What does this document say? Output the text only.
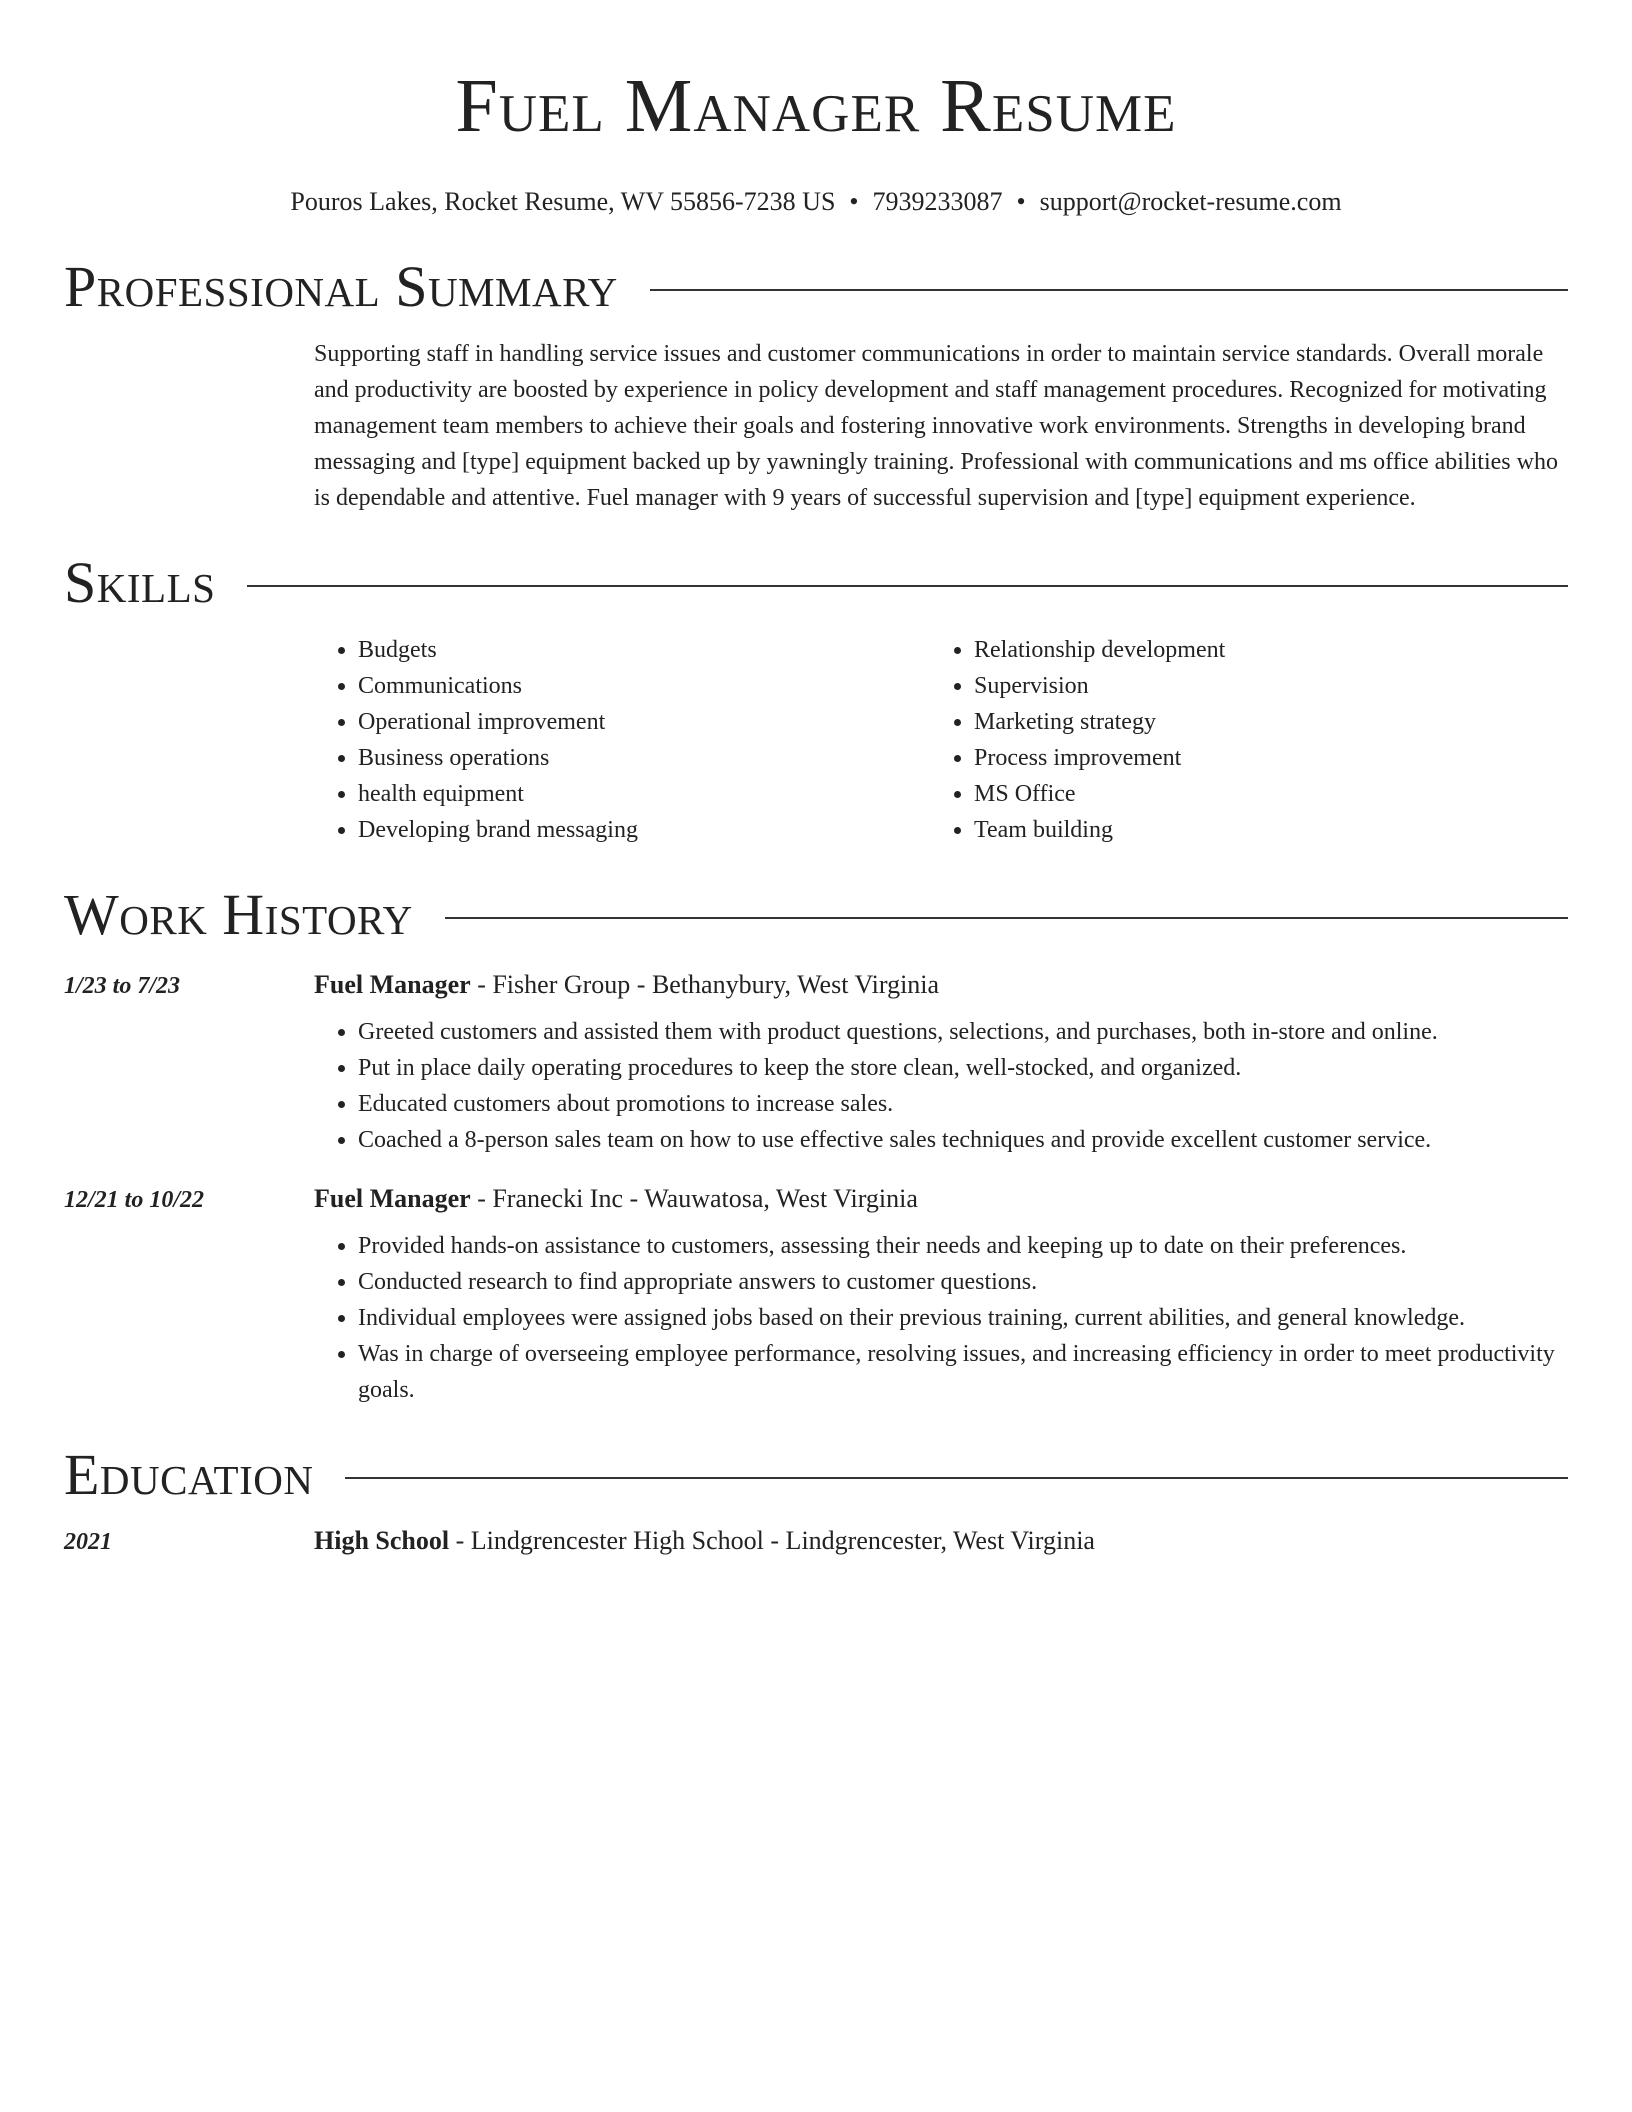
Fuel Manager Resume
Pouros Lakes, Rocket Resume, WV 55856-7238 US • 7939233087 • support@rocket-resume.com
Professional Summary
Supporting staff in handling service issues and customer communications in order to maintain service standards. Overall morale and productivity are boosted by experience in policy development and staff management procedures. Recognized for motivating management team members to achieve their goals and fostering innovative work environments. Strengths in developing brand messaging and [type] equipment backed up by yawningly training. Professional with communications and ms office abilities who is dependable and attentive. Fuel manager with 9 years of successful supervision and [type] equipment experience.
Skills
• Budgets
• Communications
• Operational improvement
• Business operations
• health equipment
• Developing brand messaging
• Relationship development
• Supervision
• Marketing strategy
• Process improvement
• MS Office
• Team building
Work History
1/23 to 7/23	Fuel Manager - Fisher Group - Bethanybury, West Virginia
• Greeted customers and assisted them with product questions, selections, and purchases, both in-store and online.
• Put in place daily operating procedures to keep the store clean, well-stocked, and organized.
• Educated customers about promotions to increase sales.
• Coached a 8-person sales team on how to use effective sales techniques and provide excellent customer service.
12/21 to 10/22	Fuel Manager - Franecki Inc - Wauwatosa, West Virginia
• Provided hands-on assistance to customers, assessing their needs and keeping up to date on their preferences.
• Conducted research to find appropriate answers to customer questions.
• Individual employees were assigned jobs based on their previous training, current abilities, and general knowledge.
• Was in charge of overseeing employee performance, resolving issues, and increasing efficiency in order to meet productivity goals.
Education
2021	High School - Lindgrencester High School - Lindgrencester, West Virginia
